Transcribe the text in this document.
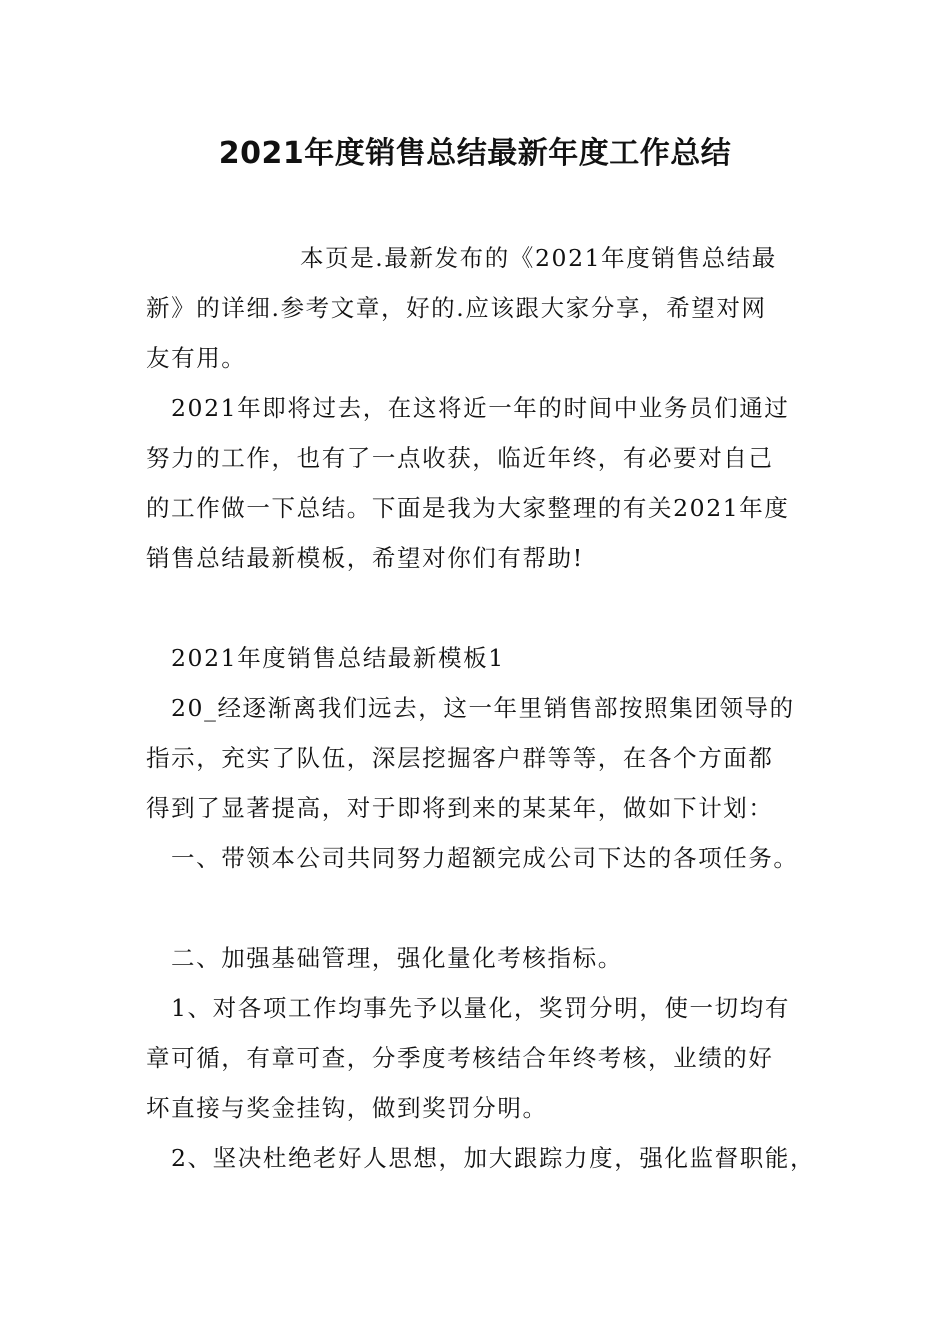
2021年度销售总结最新年度工作总结

本页是.最新发布的《2021年度销售总结最

新》的详细.参考文章，好的.应该跟大家分享，希望对网

友有用。

2021年即将过去，在这将近一年的时间中业务员们通过

努力的工作，也有了一点收获，临近年终，有必要对自己

的工作做一下总结。下面是我为大家整理的有关2021年度

销售总结最新模板，希望对你们有帮助!

2021年度销售总结最新模板1

20_经逐渐离我们远去，这一年里销售部按照集团领导的

指示，充实了队伍，深层挖掘客户群等等，在各个方面都

得到了显著提高，对于即将到来的某某年，做如下计划：

一、带领本公司共同努力超额完成公司下达的各项任务。

二、加强基础管理，强化量化考核指标。

1、对各项工作均事先予以量化，奖罚分明，使一切均有

章可循，有章可查，分季度考核结合年终考核，业绩的好

坏直接与奖金挂钩，做到奖罚分明。

2、坚决杜绝老好人思想，加大跟踪力度，强化监督职能，
